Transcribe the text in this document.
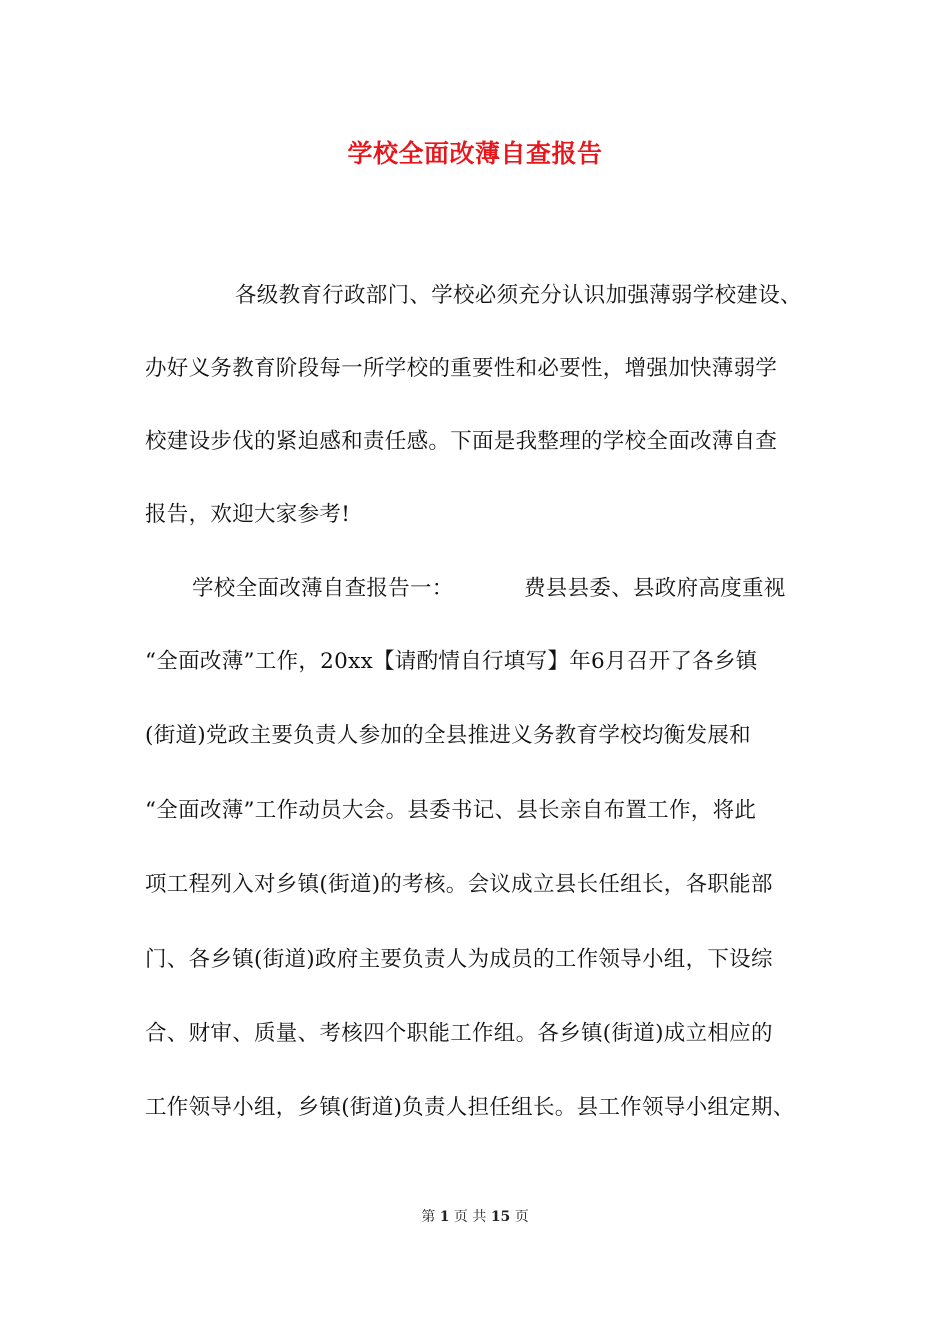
学校全面改薄自查报告
各级教育行政部门、学校必须充分认识加强薄弱学校建设、
办好义务教育阶段每一所学校的重要性和必要性，增强加快薄弱学
校建设步伐的紧迫感和责任感。下面是我整理的学校全面改薄自查
报告，欢迎大家参考!
学校全面改薄自查报告一：	费县县委、县政府高度重视
“全面改薄”工作，20xx【请酌情自行填写】年6月召开了各乡镇
(街道)党政主要负责人参加的全县推进义务教育学校均衡发展和
“全面改薄”工作动员大会。县委书记、县长亲自布置工作，将此
项工程列入对乡镇(街道)的考核。会议成立县长任组长，各职能部
门、各乡镇(街道)政府主要负责人为成员的工作领导小组，下设综
合、财审、质量、考核四个职能工作组。各乡镇(街道)成立相应的
工作领导小组，乡镇(街道)负责人担任组长。县工作领导小组定期、
第 1 页 共 15 页
